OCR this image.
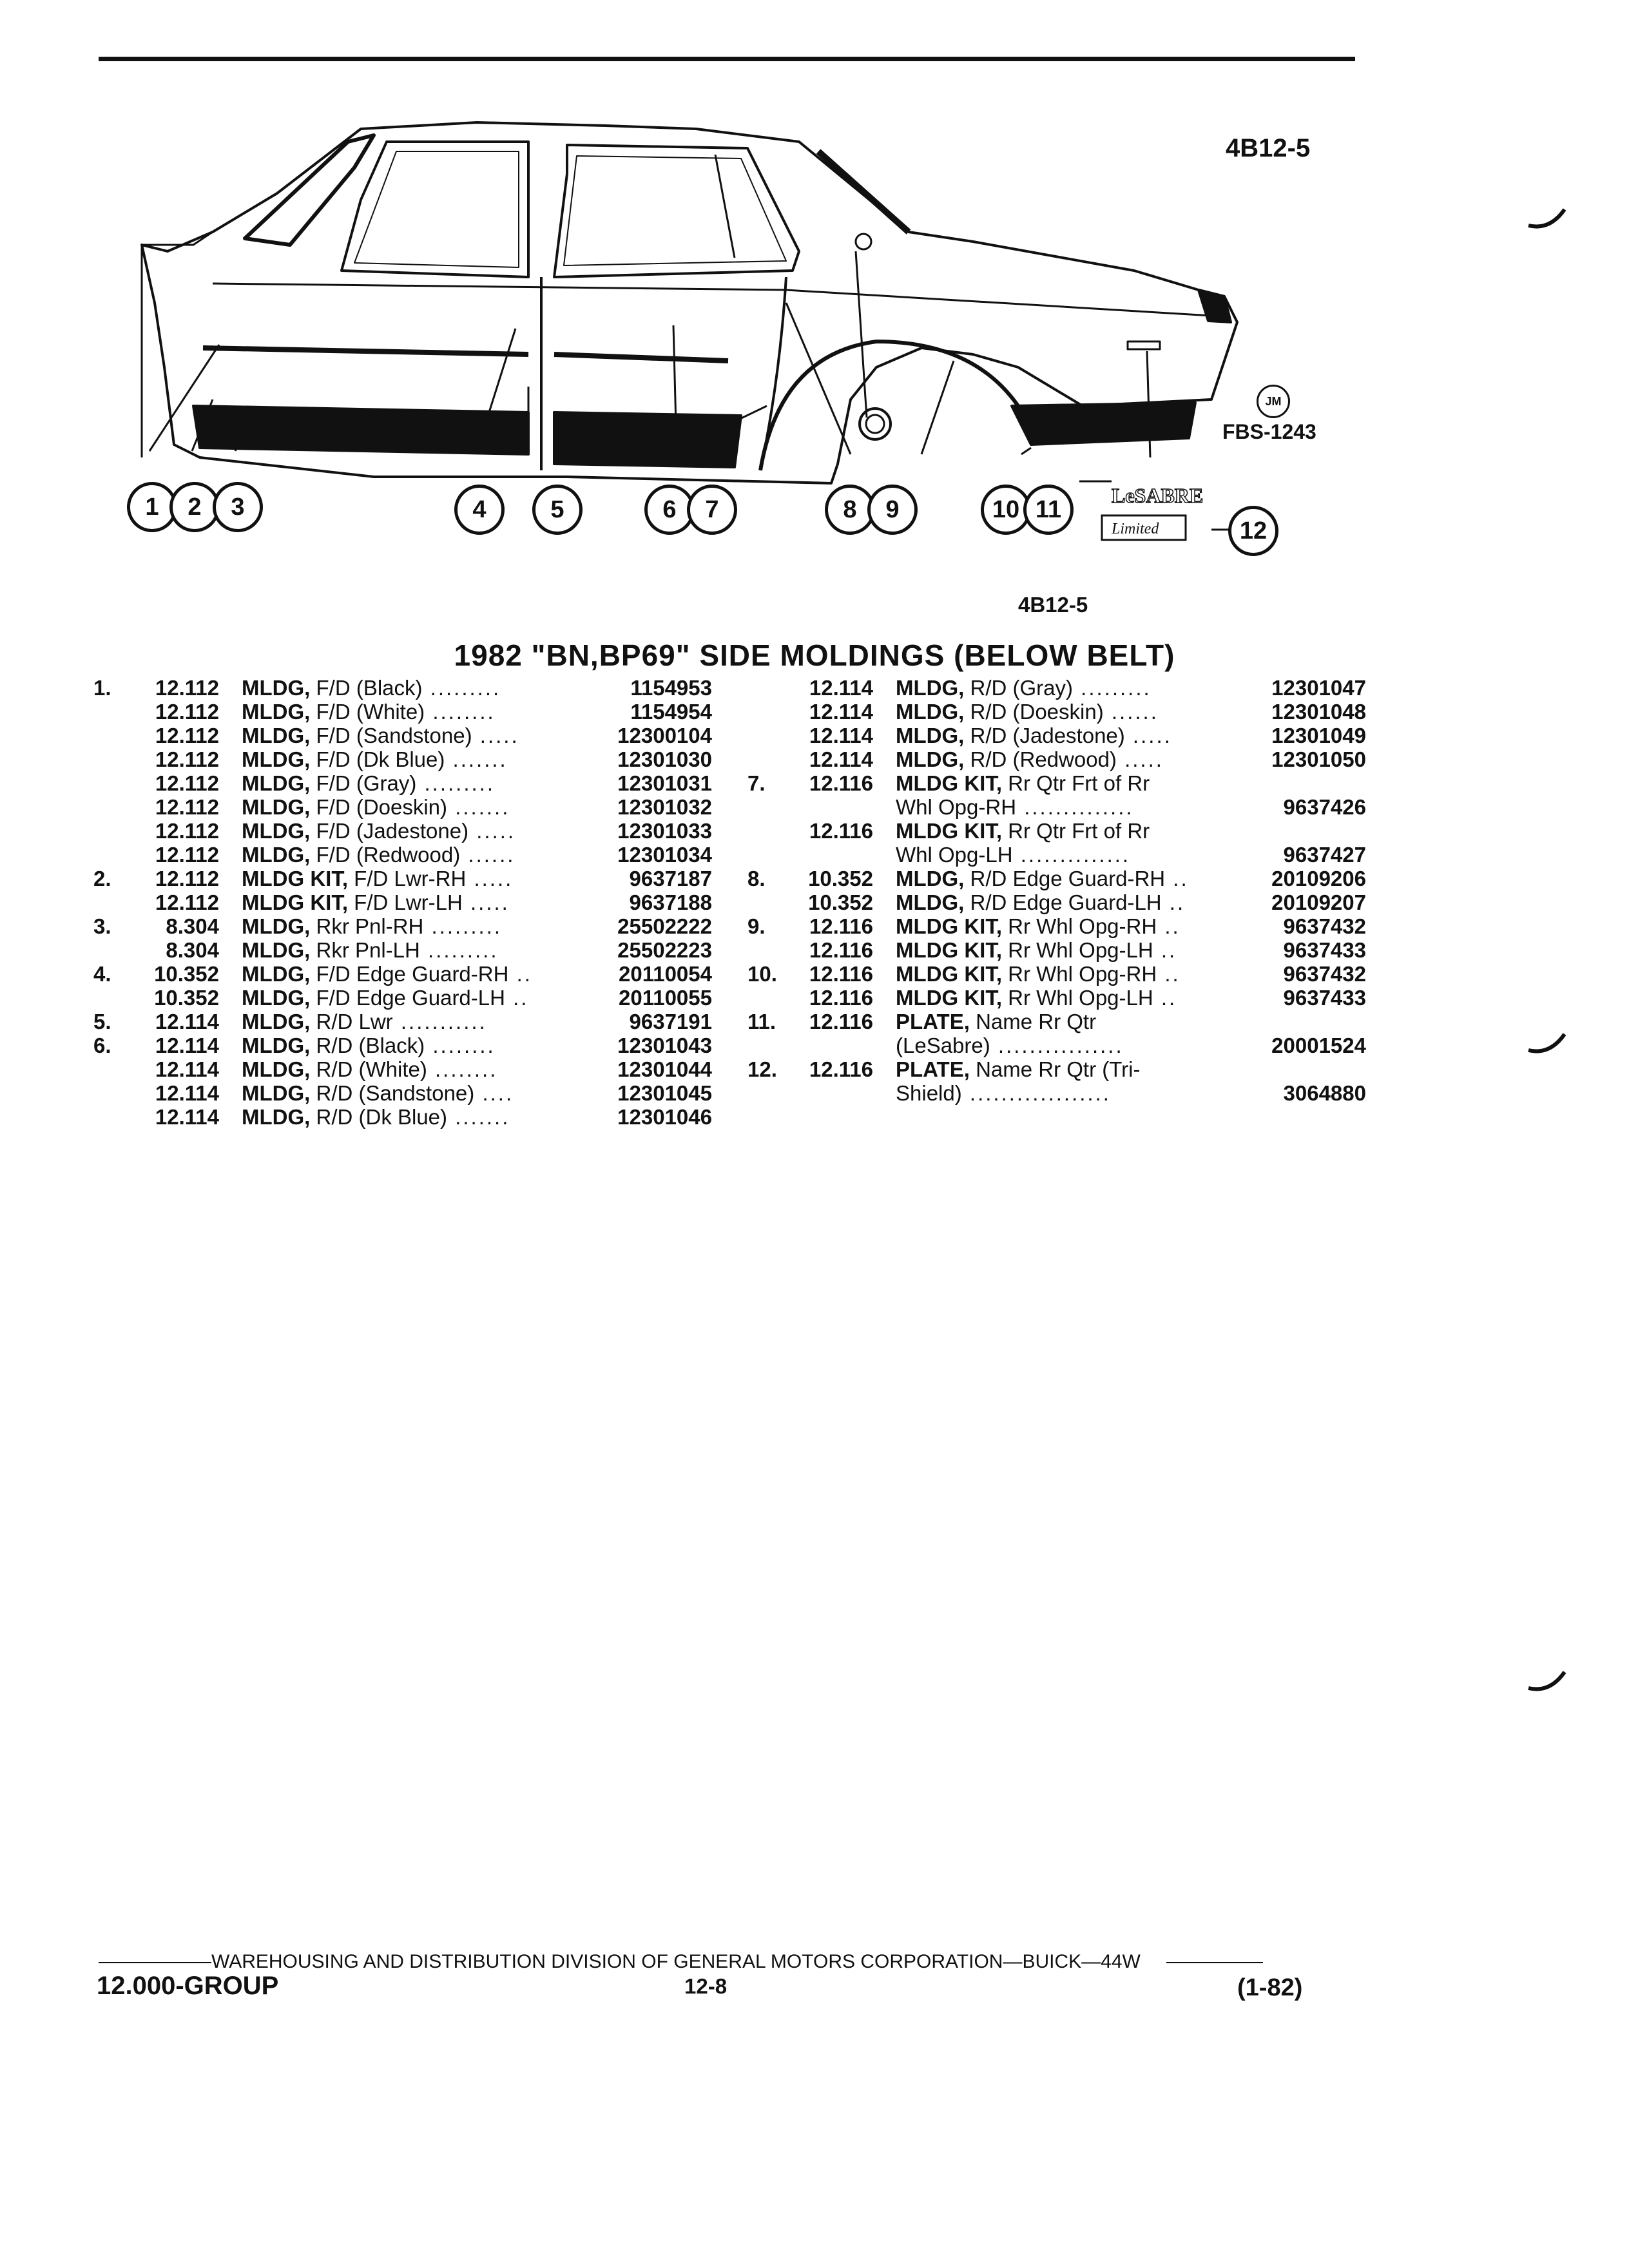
4B12-5
LeSABRE
Limited
1	2	3	4	5	6	7	8	9	10 11
12
JM
FBS-1243
4B12-5
1982 "BN,BP69" SIDE MOLDINGS (BELOW BELT)
1.	12.112 MLDG, F/D (Black) .........	1154953
12.112 MLDG, F/D (White) ........	1154954
12.112 MLDG, F/D (Sandstone) .....	12300104
12.112 MLDG, F/D (Dk Blue) .......	12301030
12.112 MLDG, F/D (Gray) .........	12301031
12.112 MLDG, F/D (Doeskin) .......	12301032
12.112 MLDG, F/D (Jadestone) .....	12301033
12.112 MLDG, F/D (Redwood) ......	12301034
2.	12.112 MLDG KIT, F/D Lwr-RH .....	9637187
12.112 MLDG KIT, F/D Lwr-LH .....	9637188
3.	8.304 MLDG, Rkr Pnl-RH .........	25502222
8.304 MLDG, Rkr Pnl-LH .........	25502223
4.	10.352 MLDG, F/D Edge Guard-RH ..	20110054
10.352 MLDG, F/D Edge Guard-LH ..	20110055
5.	12.114 MLDG, R/D Lwr ...........	9637191
6.	12.114 MLDG, R/D (Black) ........	12301043
12.114 MLDG, R/D (White) ........	12301044
12.114 MLDG, R/D (Sandstone) ....	12301045
12.114 MLDG, R/D (Dk Blue) .......	12301046
12.114 MLDG, R/D (Gray) .........	12301047
12.114 MLDG, R/D (Doeskin) ......	12301048
12.114 MLDG, R/D (Jadestone) .....	12301049
12.114 MLDG, R/D (Redwood) .....	12301050
7.	12.116 MLDG KIT, Rr Qtr Frt of Rr
Whl Opg-RH ..............	9637426
12.116 MLDG KIT, Rr Qtr Frt of Rr
Whl Opg-LH ..............	9637427
8.	10.352 MLDG, R/D Edge Guard-RH ..	20109206
10.352 MLDG, R/D Edge Guard-LH ..	20109207
9.	12.116 MLDG KIT, Rr Whl Opg-RH ..	9637432
12.116 MLDG KIT, Rr Whl Opg-LH ..	9637433
10.	12.116 MLDG KIT, Rr Whl Opg-RH ..	9637432
12.116 MLDG KIT, Rr Whl Opg-LH ..	9637433
11.	12.116 PLATE, Name Rr Qtr
(LeSabre) ................	20001524
12.	12.116 PLATE, Name Rr Qtr (Tri-
Shield) ..................	3064880
WAREHOUSING AND DISTRIBUTION DIVISION OF GENERAL MOTORS CORPORATION—BUICK—44W
12.000-GROUP	12-8	(1-82)
